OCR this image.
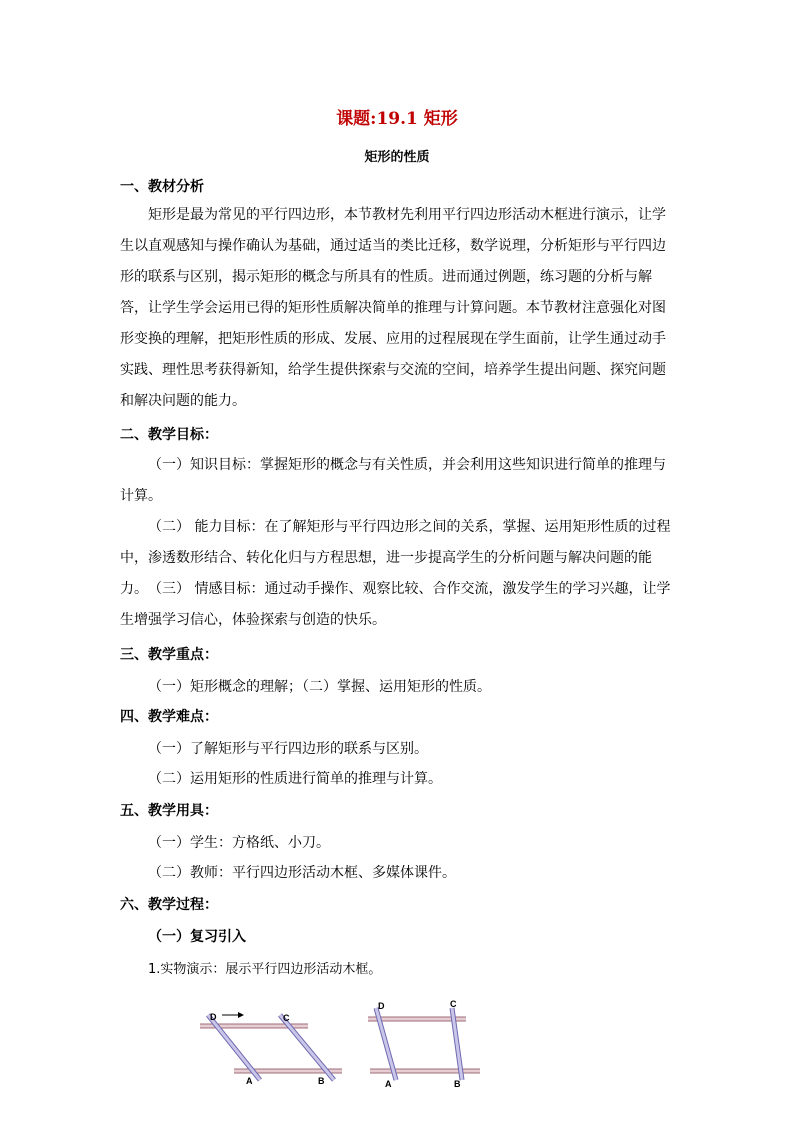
课题:19.1 矩形
矩形的性质
一、教材分析
矩形是最为常见的平行四边形，本节教材先利用平行四边形活动木框进行演示，让学生以直观感知与操作确认为基础，通过适当的类比迁移，数学说理，分析矩形与平行四边形的联系与区别，揭示矩形的概念与所具有的性质。进而通过例题，练习题的分析与解答，让学生学会运用已得的矩形性质解决简单的推理与计算问题。本节教材注意强化对图形变换的理解，把矩形性质的形成、发展、应用的过程展现在学生面前，让学生通过动手实践、理性思考获得新知，给学生提供探索与交流的空间，培养学生提出问题、探究问题和解决问题的能力。
二、教学目标：
（一）知识目标：掌握矩形的概念与有关性质，并会利用这些知识进行简单的推理与计算。
（二） 能力目标：在了解矩形与平行四边形之间的关系，掌握、运用矩形性质的过程中，渗透数形结合、转化化归与方程思想，进一步提高学生的分析问题与解决问题的能力。 （三） 情感目标：通过动手操作、观察比较、合作交流，激发学生的学习兴趣，让学生增强学习信心，体验探索与创造的快乐。
三、教学重点：
（一）矩形概念的理解；（二）掌握、运用矩形的性质。
四、教学难点：
（一）了解矩形与平行四边形的联系与区别。
（二）运用矩形的性质进行简单的推理与计算。
五、教学用具：
（一）学生：方格纸、小刀。
（二）教师：平行四边形活动木框、多媒体课件。
六、教学过程：
（一）复习引入
1.实物演示：展示平行四边形活动木框。
D	C
A	B
D	C
A	B
